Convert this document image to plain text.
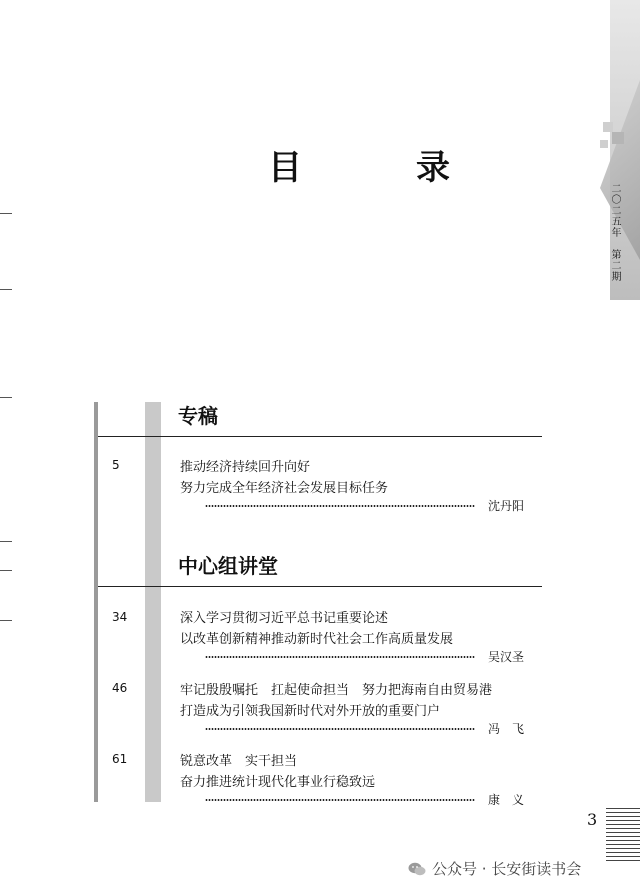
二〇二五年　第二期
目　录
专稿
5	推动经济持续回升向好
努力完成全年经济社会发展目标任务
沈丹阳
中心组讲堂
34	深入学习贯彻习近平总书记重要论述
以改革创新精神推动新时代社会工作高质量发展
吴汉圣
46	牢记殷殷嘱托　扛起使命担当　努力把海南自由贸易港
打造成为引领我国新时代对外开放的重要门户
冯　飞
61	锐意改革　实干担当
奋力推进统计现代化事业行稳致远
康　义
3
公众号 · 长安街读书会
